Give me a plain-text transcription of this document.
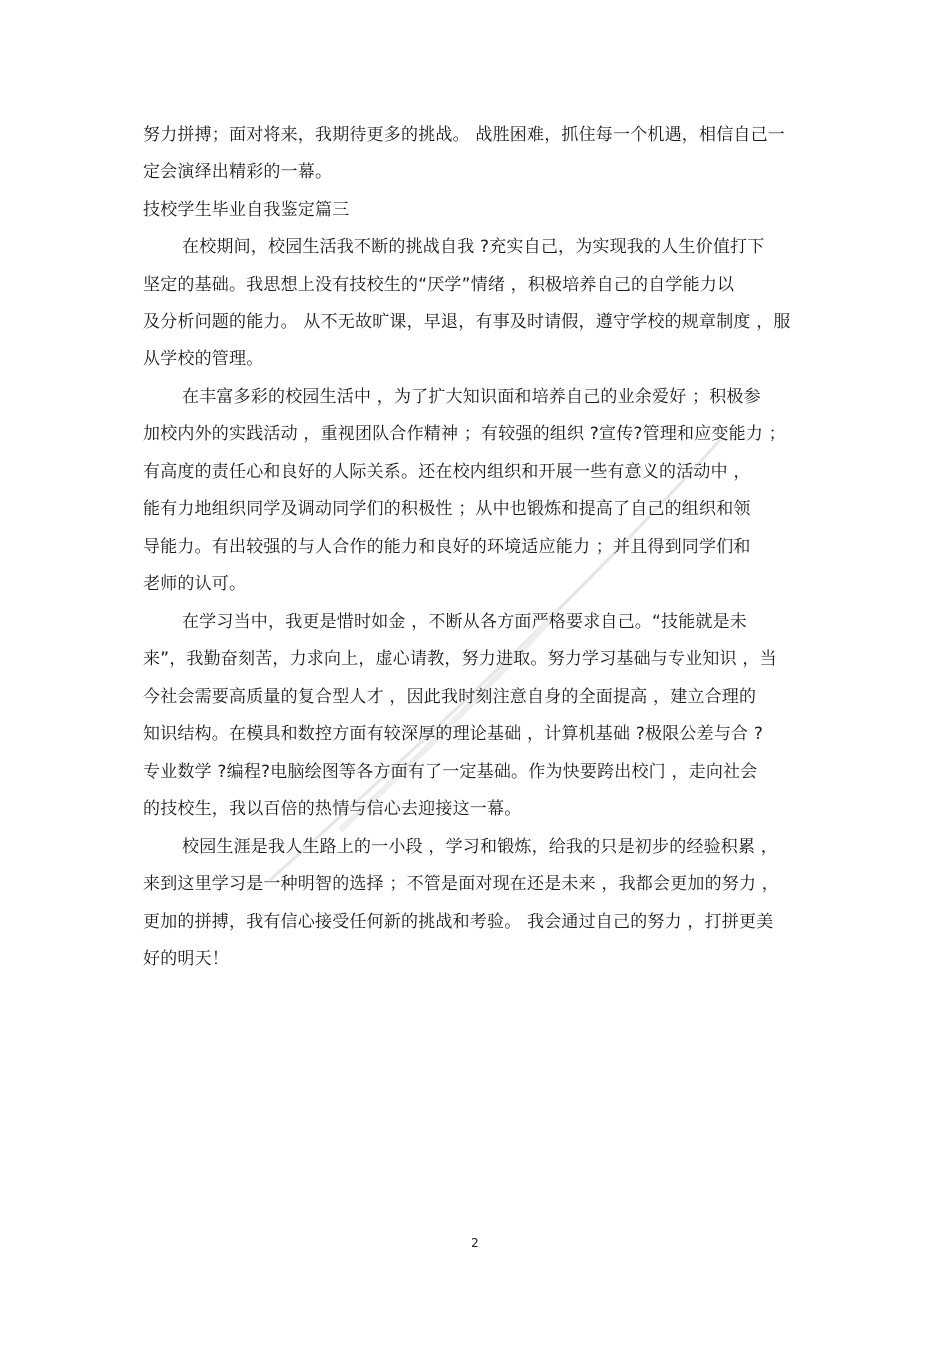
努力拼搏；面对将来，我期待更多的挑战。 战胜困难，抓住每一个机遇，相信自己一
定会演绎出精彩的一幕。
技校学生毕业自我鉴定篇三
在校期间，校园生活我不断的挑战自我 ?充实自己，为实现我的人生价值打下
坚定的基础。我思想上没有技校生的“厌学”情绪 ，积极培养自己的自学能力以
及分析问题的能力。 从不无故旷课，早退，有事及时请假，遵守学校的规章制度 ，服
从学校的管理。
在丰富多彩的校园生活中 ，为了扩大知识面和培养自己的业余爱好 ；积极参
加校内外的实践活动 ，重视团队合作精神 ；有较强的组织 ?宣传?管理和应变能力 ；
有高度的责任心和良好的人际关系。还在校内组织和开展一些有意义的活动中 ，
能有力地组织同学及调动同学们的积极性 ；从中也锻炼和提高了自己的组织和领
导能力。有出较强的与人合作的能力和良好的环境适应能力 ；并且得到同学们和
老师的认可。
在学习当中，我更是惜时如金 ，不断从各方面严格要求自己。“技能就是未
来”，我勤奋刻苦，力求向上，虚心请教，努力进取。努力学习基础与专业知识 ，当
今社会需要高质量的复合型人才 ，因此我时刻注意自身的全面提高 ，建立合理的
知识结构。在模具和数控方面有较深厚的理论基础 ，计算机基础 ?极限公差与合 ?
专业数学 ?编程?电脑绘图等各方面有了一定基础。作为快要跨出校门 ，走向社会
的技校生，我以百倍的热情与信心去迎接这一幕。
校园生涯是我人生路上的一小段 ，学习和锻炼，给我的只是初步的经验积累 ，
来到这里学习是一种明智的选择 ；不管是面对现在还是未来 ，我都会更加的努力 ，
更加的拼搏，我有信心接受任何新的挑战和考验。 我会通过自己的努力 ，打拼更美
好的明天！
2
